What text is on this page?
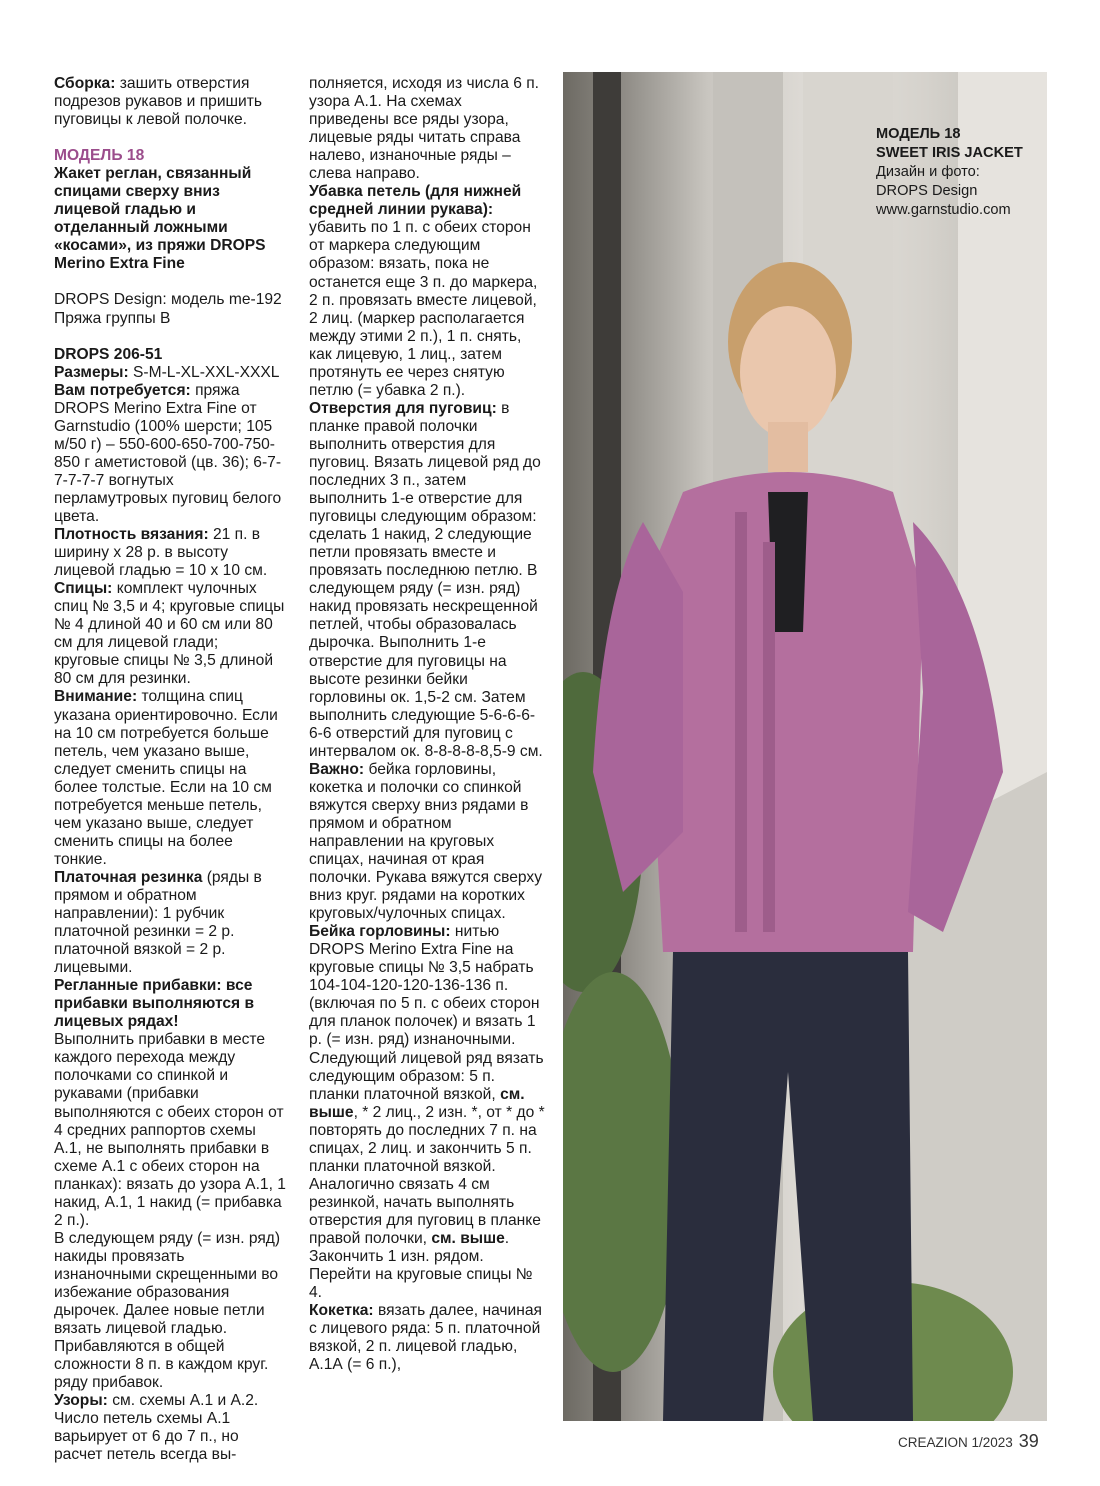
Сборка: зашить отверстия подрезов рукавов и пришить пуговицы к левой полочке.

МОДЕЛЬ 18

Жакет реглан, связанный спицами сверху вниз лицевой гладью и отделанный ложными «косами», из пряжи DROPS Merino Extra Fine

DROPS Design: модель me-192

Пряжа группы B

DROPS 206-51

Размеры: S-M-L-XL-XXL-XXXL

Вам потребуется: пряжа DROPS Merino Extra Fine от Garnstudio (100% шерсти; 105 м/50 г) – 550-600-650-700-750-850 г аметистовой (цв. 36); 6-7-7-7-7-7 вогнутых перламутровых пуговиц белого цвета.

Плотность вязания: 21 п. в ширину х 28 р. в высоту лицевой гладью = 10 х 10 см.

Спицы: комплект чулочных спиц № 3,5 и 4; круговые спицы № 4 длиной 40 и 60 см или 80 см для лицевой глади; круговые спицы № 3,5 длиной 80 см для резинки.

Внимание: толщина спиц указана ориентировочно. Если на 10 см потребуется больше петель, чем указано выше, следует сменить спицы на более толстые. Если на 10 см потребуется меньше петель, чем указано выше, следует сменить спицы на более тонкие.

Платочная резинка (ряды в прямом и обратном направлении): 1 рубчик платочной резинки = 2 р. платочной вязкой = 2 р. лицевыми.

Регланные прибавки: все прибавки выполняются в лицевых рядах!

Выполнить прибавки в месте каждого перехода между полочками со спинкой и рукавами (прибавки выполняются с обеих сторон от 4 средних раппортов схемы А.1, не выполнять прибавки в схеме А.1 с обеих сторон на планках): вязать до узора А.1, 1 накид, А.1, 1 накид (= прибавка 2 п.).

В следующем ряду (= изн. ряд) накиды провязать изнаночными скрещенными во избежание образования дырочек. Далее новые петли вязать лицевой гладью. Прибавляются в общей сложности 8 п. в каждом круг. ряду прибавок.

Узоры: см. схемы А.1 и А.2. Число петель схемы А.1 варьирует от 6 до 7 п., но расчет петель всегда вы-

полняется, исходя из числа 6 п. узора А.1. На схемах приведены все ряды узора, лицевые ряды читать справа налево, изнаночные ряды – слева направо.

Убавка петель (для нижней средней линии рукава): убавить по 1 п. с обеих сторон от маркера следующим образом: вязать, пока не останется еще 3 п. до маркера, 2 п. провязать вместе лицевой, 2 лиц. (маркер располагается между этими 2 п.), 1 п. снять, как лицевую, 1 лиц., затем протянуть ее через снятую петлю (= убавка 2 п.).

Отверстия для пуговиц: в планке правой полочки выполнить отверстия для пуговиц. Вязать лицевой ряд до последних 3 п., затем выполнить 1-е отверстие для пуговицы следующим образом: сделать 1 накид, 2 следующие петли провязать вместе и провязать последнюю петлю. В следующем ряду (= изн. ряд) накид провязать нескрещенной петлей, чтобы образовалась дырочка. Выполнить 1-е отверстие для пуговицы на высоте резинки бейки горловины ок. 1,5-2 см. Затем выполнить следующие 5-6-6-6-6-6 отверстий для пуговиц с интервалом ок. 8-8-8-8-8,5-9 см.

Важно: бейка горловины, кокетка и полочки со спинкой вяжутся сверху вниз рядами в прямом и обратном направлении на круговых спицах, начиная от края полочки. Рукава вяжутся сверху вниз круг. рядами на коротких круговых/чулочных спицах.

Бейка горловины: нитью DROPS Merino Extra Fine на круговые спицы № 3,5 набрать 104-104-120-120-136-136 п. (включая по 5 п. с обеих сторон для планок полочек) и вязать 1 р. (= изн. ряд) изнаночными.

Следующий лицевой ряд вязать следующим образом: 5 п. планки платочной вязкой, см. выше, * 2 лиц., 2 изн. *, от * до * повторять до последних 7 п. на спицах, 2 лиц. и закончить 5 п. планки платочной вязкой.

Аналогично связать 4 см резинкой, начать выполнять отверстия для пуговиц в планке правой полочки, см. выше. Закончить 1 изн. рядом. Перейти на круговые спицы № 4.

Кокетка: вязать далее, начиная с лицевого ряда: 5 п. платочной вязкой, 2 п. лицевой гладью, А.1А (= 6 п.),

МОДЕЛЬ 18
SWEET IRIS JACKET
Дизайн и фото:
DROPS Design
www.garnstudio.com
CREAZION 1/2023 39
